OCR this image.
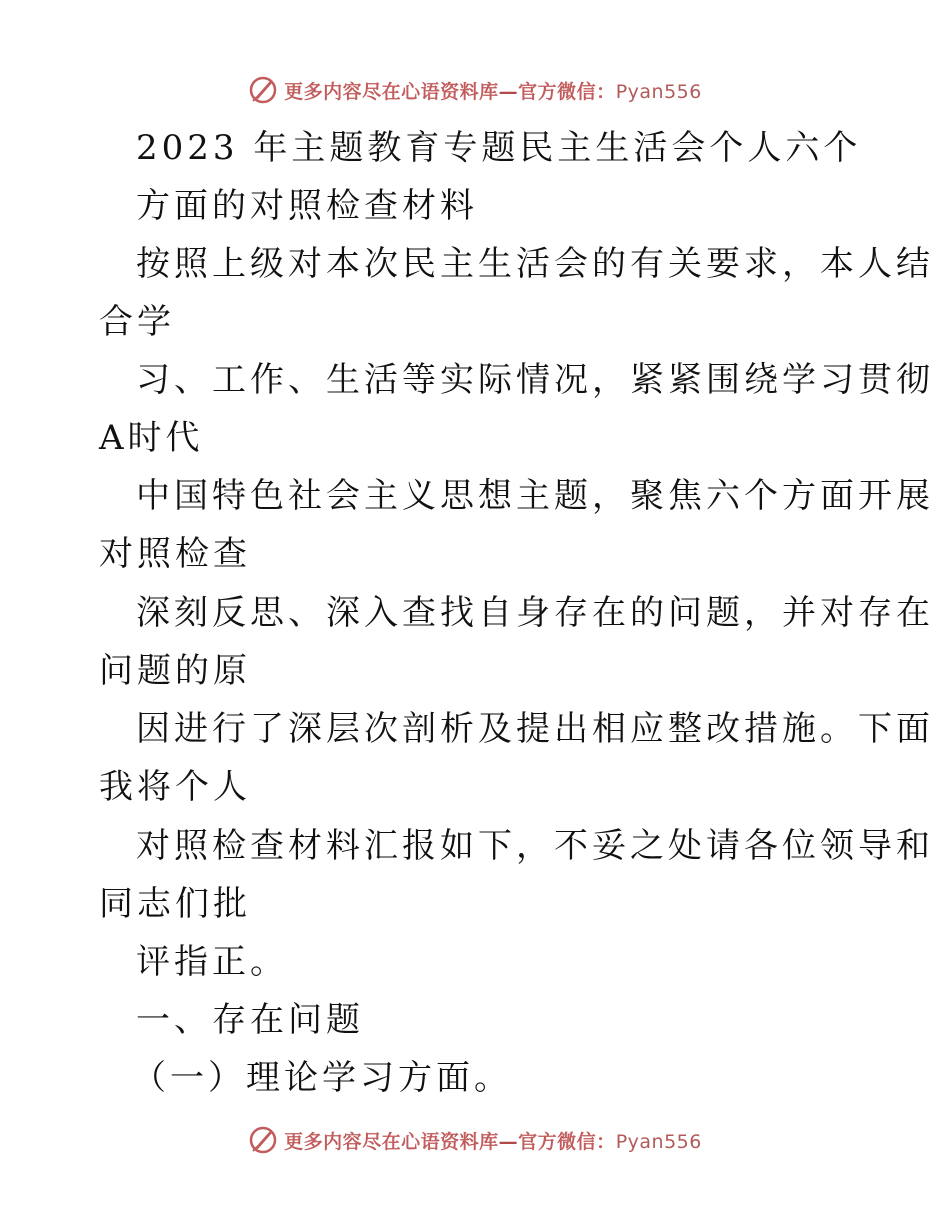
更多内容尽在心语资料库—官方微信：Pyan556
2023 年主题教育专题民主生活会个人六个
方面的对照检查材料
按照上级对本次民主生活会的有关要求，本人结
合学
习、工作、生活等实际情况，紧紧围绕学习贯彻
A时代
中国特色社会主义思想主题，聚焦六个方面开展
对照检查
深刻反思、深入查找自身存在的问题，并对存在
问题的原
因进行了深层次剖析及提出相应整改措施。下面
我将个人
对照检查材料汇报如下，不妥之处请各位领导和
同志们批
评指正。
一、存在问题
（一）理论学习方面。
更多内容尽在心语资料库—官方微信：Pyan556
